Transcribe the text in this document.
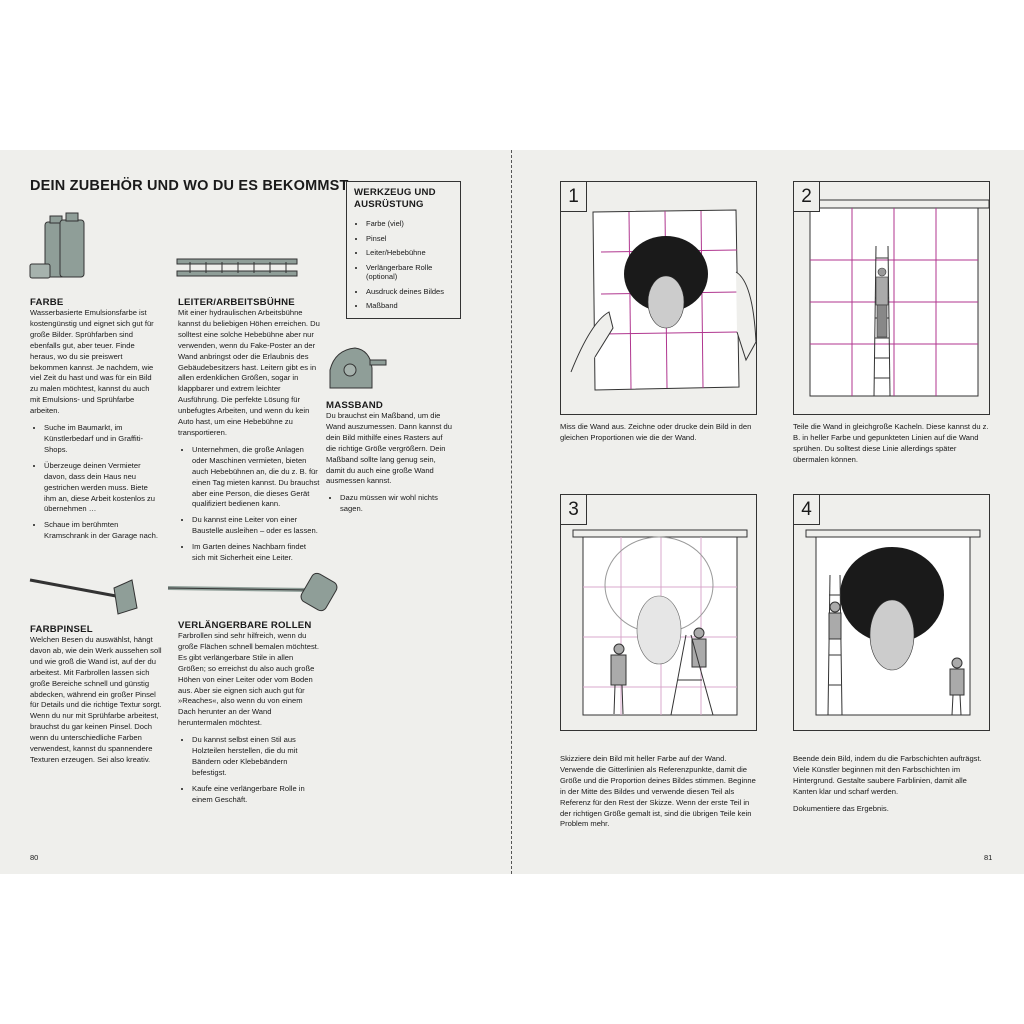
DEIN ZUBEHÖR UND WO DU ES BEKOMMST WERKZEUG UND AUSRÜSTUNG
• Farbe (viel)
• Pinsel
• Leiter/Hebebühne
• Verlängerbare Rolle (optional)
• Ausdruck deines Bildes
• Maßband
FARBE
Wasserbasierte Emulsionsfarbe ist kostengünstig und eignet sich gut für große Bilder. Sprühfarben sind ebenfalls gut, aber teuer. Finde heraus, wo du sie preiswert bekommen kannst. Je nachdem, wie viel Zeit du hast und was für ein Bild zu malen möchtest, kannst du auch mit Emulsions- und Sprühfarbe arbeiten.
• Suche im Baumarkt, im Künstlerbedarf und in Graffiti-Shops.
• Überzeuge deinen Vermieter davon, dass dein Haus neu gestrichen werden muss. Biete ihm an, diese Arbeit kostenlos zu übernehmen …
• Schaue im berühmten Kramschrank in der Garage nach.
LEITER/ARBEITSBÜHNE
Mit einer hydraulischen Arbeitsbühne kannst du beliebigen Höhen erreichen. Du solltest eine solche Hebebühne aber nur verwenden, wenn du Fake-Poster an der Wand anbringst oder die Erlaubnis des Gebäudebesitzers hast. Leitern gibt es in allen erdenklichen Größen, sogar in klappbarer und extrem leichter Ausführung. Die perfekte Lösung für unbefugtes Arbeiten, und wenn du kein Auto hast, um eine Hebebühne zu transportieren.
• Unternehmen, die große Anlagen oder Maschinen vermieten, bieten auch Hebebühnen an, die du z. B. für einen Tag mieten kannst. Du brauchst aber eine Person, die dieses Gerät qualifiziert bedienen kann.
• Du kannst eine Leiter von einer Baustelle ausleihen – oder es lassen.
• Im Garten deines Nachbarn findet sich mit Sicherheit eine Leiter.
MASSBAND
Du brauchst ein Maßband, um die Wand auszumessen. Dann kannst du dein Bild mithilfe eines Rasters auf die richtige Größe vergrößern. Dein Maßband sollte lang genug sein, damit du auch eine große Wand ausmessen kannst.
• Dazu müssen wir wohl nichts sagen.
FARBPINSEL
Welchen Besen du auswählst, hängt davon ab, wie dein Werk aussehen soll und wie groß die Wand ist, auf der du arbeitest. Mit Farbrollen lassen sich große Bereiche schnell und günstig abdecken, während ein großer Pinsel für Details und die richtige Textur sorgt. Wenn du nur mit Sprühfarbe arbeitest, brauchst du gar keinen Pinsel. Doch wenn du unterschiedliche Farben verwendest, kannst du spannendere Texturen erzeugen. Sei also kreativ.
VERLÄNGERBARE ROLLEN
Farbrollen sind sehr hilfreich, wenn du große Flächen schnell bemalen möchtest. Es gibt verlängerbare Stile in allen Größen; so erreichst du also auch große Höhen von einer Leiter oder vom Boden aus. Aber sie eignen sich auch gut für »Reaches«, also wenn du von einem Dach herunter an der Wand heruntermalen möchtest.
• Du kannst selbst einen Stil aus Holzteilen herstellen, die du mit Bändern oder Klebebändern befestigst.
• Kaufe eine verlängerbare Rolle in einem Geschäft.
80
1
Miss die Wand aus. Zeichne oder drucke dein Bild in den gleichen Proportionen wie die der Wand.
2
Teile die Wand in gleichgroße Kacheln. Diese kannst du z. B. in heller Farbe und gepunkteten Linien auf die Wand sprühen. Du solltest diese Linie allerdings später übermalen können.
3
Skizziere dein Bild mit heller Farbe auf der Wand. Verwende die Gitterlinien als Referenzpunkte, damit die Größe und die Proportion deines Bildes stimmen. Beginne in der Mitte des Bildes und verwende diesen Teil als Referenz für den Rest der Skizze. Wenn der erste Teil in der richtigen Größe gemalt ist, sind die übrigen Teile kein Problem mehr.
4
Beende dein Bild, indem du die Farbschichten aufträgst. Viele Künstler beginnen mit den Farbschichten im Hintergrund. Gestalte saubere Farblinien, damit alle Kanten klar und scharf werden.
Dokumentiere das Ergebnis.
81
